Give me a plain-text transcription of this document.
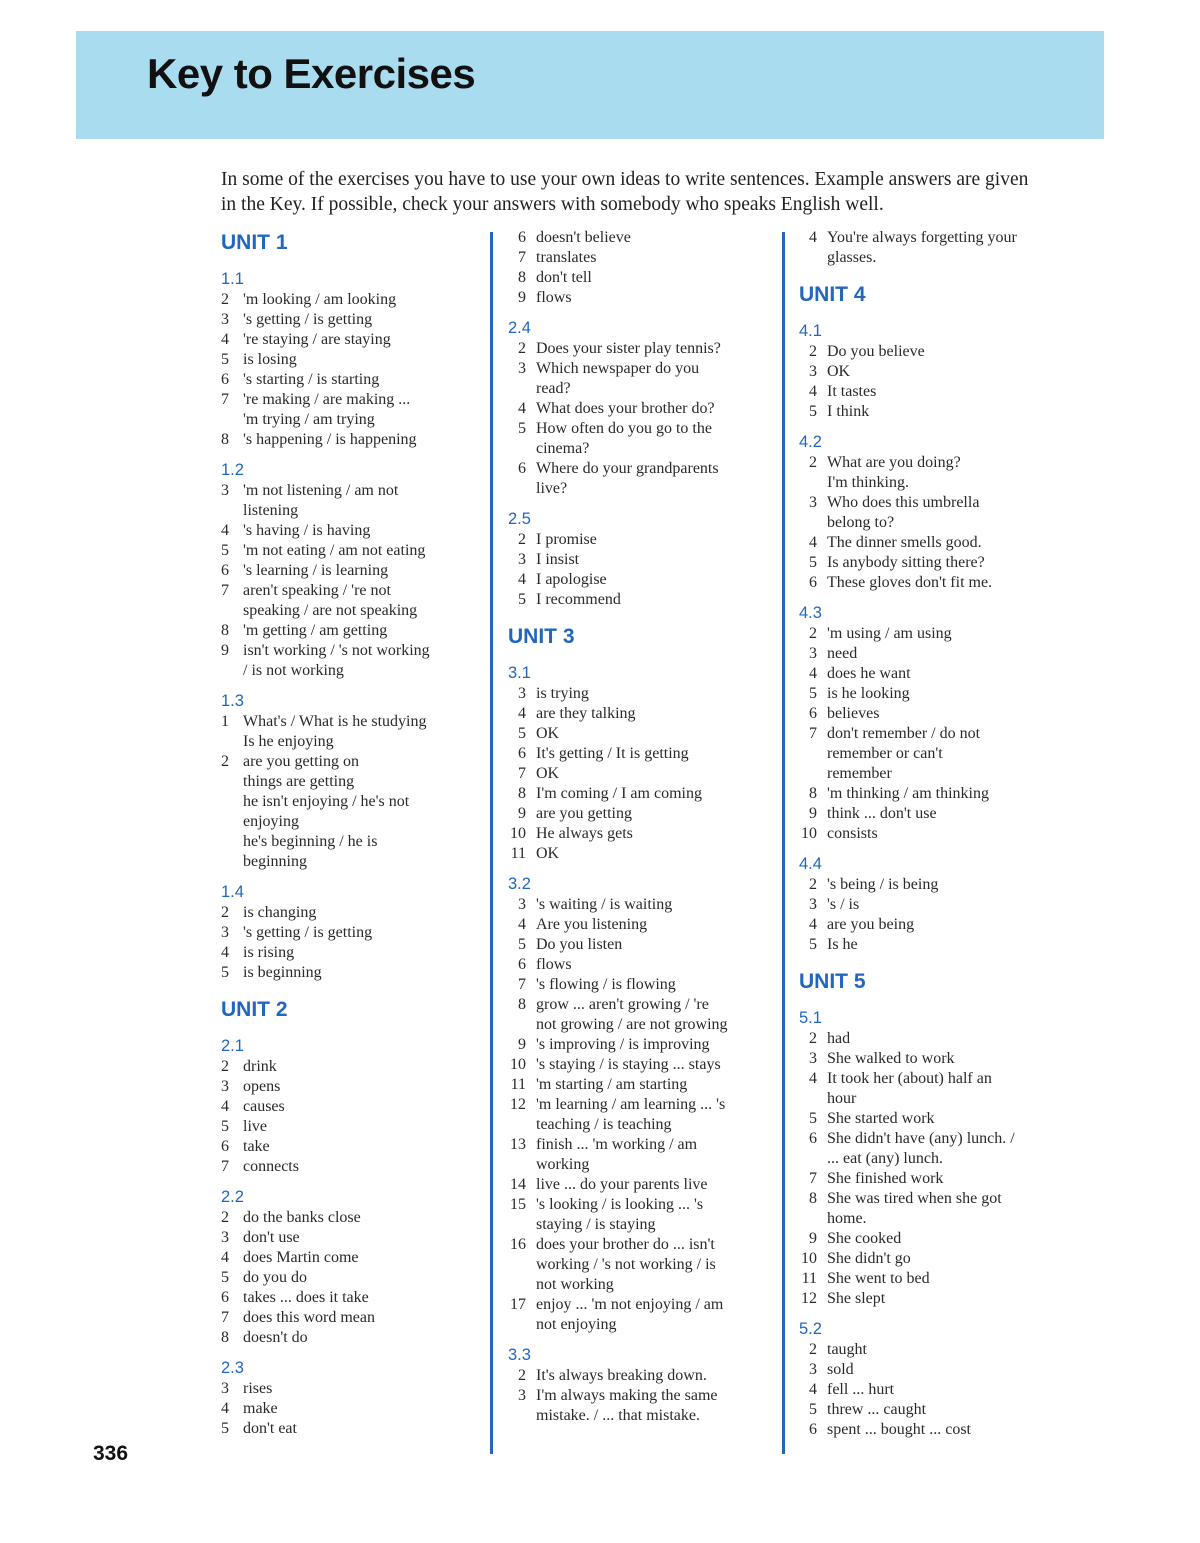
Key to Exercises
In some of the exercises you have to use your own ideas to write sentences. Example answers are given in the Key. If possible, check your answers with somebody who speaks English well.
UNIT 1
1.1
2 'm looking / am looking
3 's getting / is getting
4 're staying / are staying
5 is losing
6 's starting / is starting
7 're making / are making ...
'm trying / am trying
8 's happening / is happening
1.2
3 'm not listening / am not
listening
4 's having / is having
5 'm not eating / am not eating
6 's learning / is learning
7 aren't speaking / 're not
speaking / are not speaking
8 'm getting / am getting
9 isn't working / 's not working
/ is not working
1.3
1 What's / What is he studying
Is he enjoying
2 are you getting on
things are getting
he isn't enjoying / he's not
enjoying
he's beginning / he is
beginning
1.4
2 is changing
3 's getting / is getting
4 is rising
5 is beginning
UNIT 2
2.1
2 drink
3 opens
4 causes
5 live
6 take
7 connects
2.2
2 do the banks close
3 don't use
4 does Martin come
5 do you do
6 takes ... does it take
7 does this word mean
8 doesn't do
2.3
3 rises
4 make
5 don't eat
6 doesn't believe
7 translates
8 don't tell
9 flows
2.4
2 Does your sister play tennis?
3 Which newspaper do you
read?
4 What does your brother do?
5 How often do you go to the
cinema?
6 Where do your grandparents
live?
2.5
2 I promise
3 I insist
4 I apologise
5 I recommend
UNIT 3
3.1
3 is trying
4 are they talking
5 OK
6 It's getting / It is getting
7 OK
8 I'm coming / I am coming
9 are you getting
10 He always gets
11 OK
3.2
3 's waiting / is waiting
4 Are you listening
5 Do you listen
6 flows
7 's flowing / is flowing
8 grow ... aren't growing / 're
not growing / are not growing
9 's improving / is improving
10 's staying / is staying ... stays
11 'm starting / am starting
12 'm learning / am learning ... 's
teaching / is teaching
13 finish ... 'm working / am
working
14 live ... do your parents live
15 's looking / is looking ... 's
staying / is staying
16 does your brother do ... isn't
working / 's not working / is
not working
17 enjoy ... 'm not enjoying / am
not enjoying
3.3
2 It's always breaking down.
3 I'm always making the same
mistake. / ... that mistake.
4 You're always forgetting your
glasses.
UNIT 4
4.1
2 Do you believe
3 OK
4 It tastes
5 I think
4.2
2 What are you doing?
I'm thinking.
3 Who does this umbrella
belong to?
4 The dinner smells good.
5 Is anybody sitting there?
6 These gloves don't fit me.
4.3
2 'm using / am using
3 need
4 does he want
5 is he looking
6 believes
7 don't remember / do not
remember or can't
remember
8 'm thinking / am thinking
9 think ... don't use
10 consists
4.4
2 's being / is being
3 's / is
4 are you being
5 Is he
UNIT 5
5.1
2 had
3 She walked to work
4 It took her (about) half an
hour
5 She started work
6 She didn't have (any) lunch. /
... eat (any) lunch.
7 She finished work
8 She was tired when she got
home.
9 She cooked
10 She didn't go
11 She went to bed
12 She slept
5.2
2 taught
3 sold
4 fell ... hurt
5 threw ... caught
6 spent ... bought ... cost
336
